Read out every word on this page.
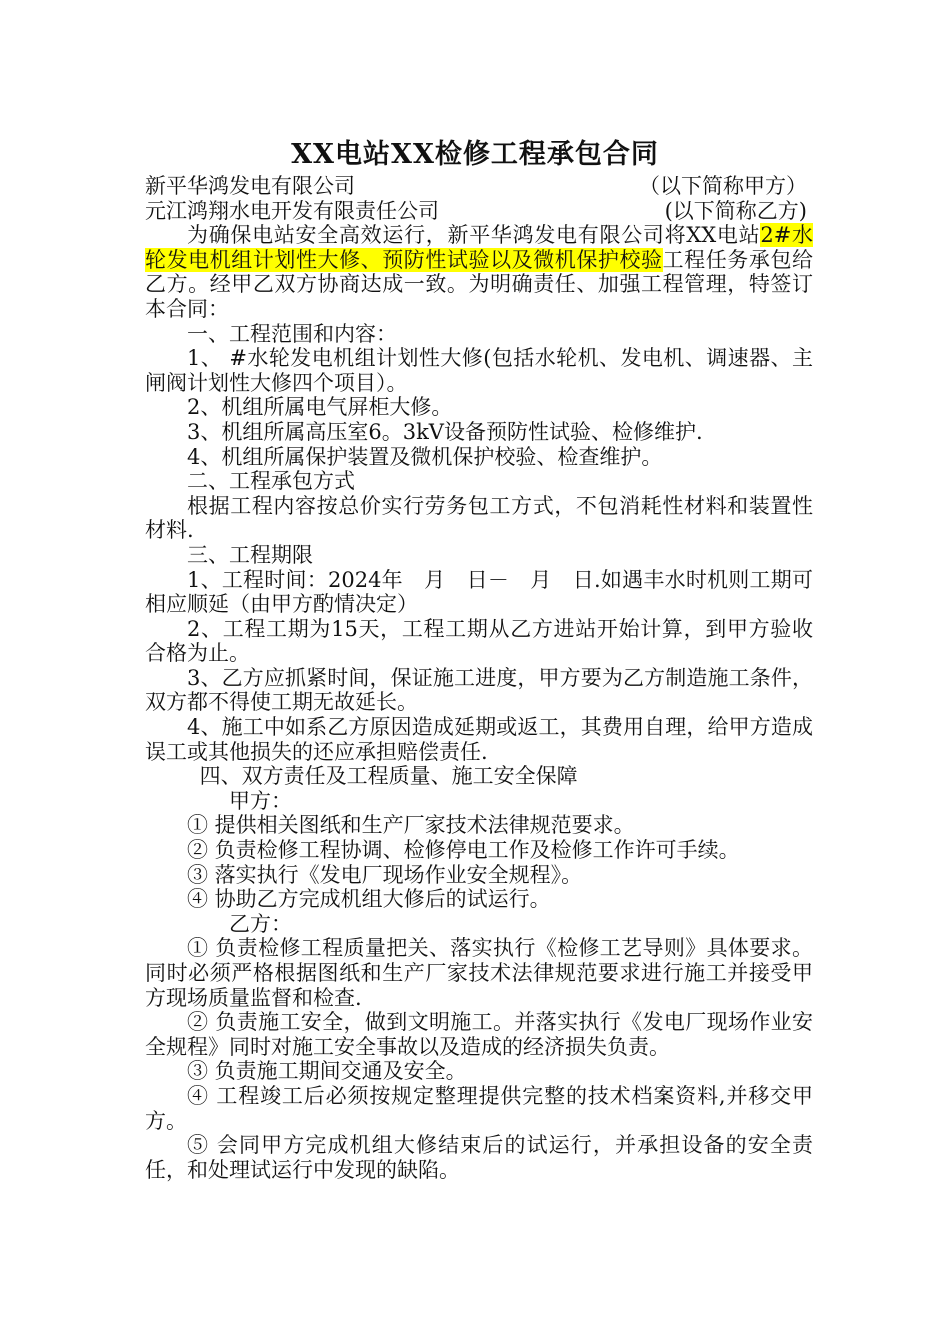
XX电站XX检修工程承包合同
新平华鸿发电有限公司	（以下简称甲方）
元江鸿翔水电开发有限责任公司	(以下简称乙方)

为确保电站安全高效运行，新平华鸿发电有限公司将XX电站2#水轮发电机组计划性大修、预防性试验以及微机保护校验工程任务承包给乙方。经甲乙双方协商达成一致。为明确责任、加强工程管理，特签订本合同：

一、工程范围和内容：

1、 #水轮发电机组计划性大修(包括水轮机、发电机、调速器、主闸阀计划性大修四个项目）。

2、机组所属电气屏柜大修。

3、机组所属高压室6。3kV设备预防性试验、检修维护.

4、机组所属保护装置及微机保护校验、检查维护。

二、工程承包方式

根据工程内容按总价实行劳务包工方式，不包消耗性材料和装置性材料.

三、工程期限

1、工程时间：2024年　月　日－　月　日.如遇丰水时机则工期可相应顺延（由甲方酌情决定）

2、工程工期为15天，工程工期从乙方进站开始计算，到甲方验收合格为止。

3、乙方应抓紧时间，保证施工进度，甲方要为乙方制造施工条件，双方都不得使工期无故延长。

4、施工中如系乙方原因造成延期或返工，其费用自理，给甲方造成误工或其他损失的还应承担赔偿责任.

四、双方责任及工程质量、施工安全保障

甲方：

① 提供相关图纸和生产厂家技术法律规范要求。

② 负责检修工程协调、检修停电工作及检修工作许可手续。

③ 落实执行《发电厂现场作业安全规程》。

④ 协助乙方完成机组大修后的试运行。

乙方：

① 负责检修工程质量把关、落实执行《检修工艺导则》具体要求。同时必须严格根据图纸和生产厂家技术法律规范要求进行施工并接受甲方现场质量监督和检查.

② 负责施工安全，做到文明施工。并落实执行《发电厂现场作业安全规程》同时对施工安全事故以及造成的经济损失负责。

③ 负责施工期间交通及安全。

④ 工程竣工后必须按规定整理提供完整的技术档案资料,并移交甲方。

⑤ 会同甲方完成机组大修结束后的试运行，并承担设备的安全责任，和处理试运行中发现的缺陷。
